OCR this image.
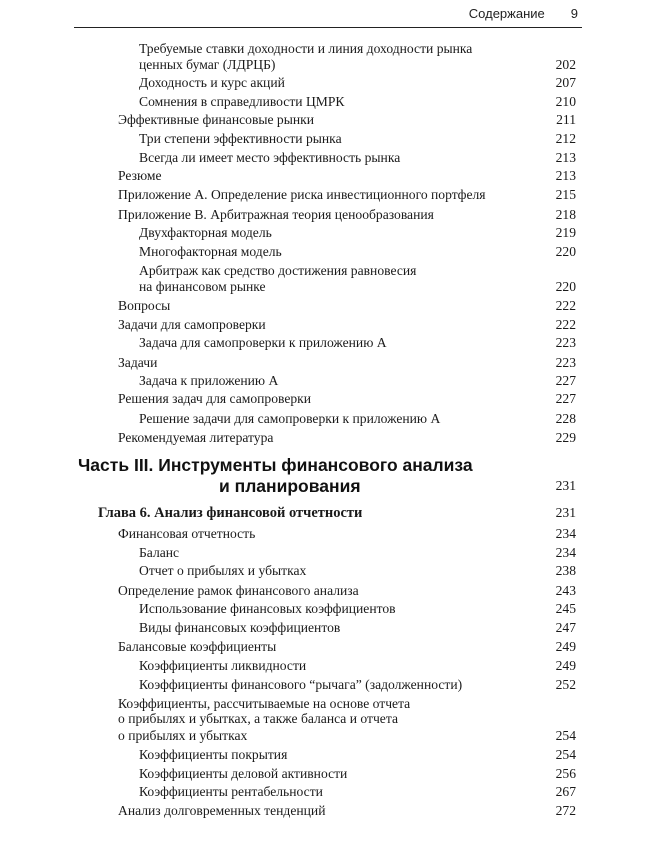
Содержание 9
Требуемые ставки доходности и линия доходности рынка
ценных бумаг (ЛДРЦБ)	202
Доходность и курс акций	207
Сомнения в справедливости ЦМРК	210
Эффективные финансовые рынки	211
Три степени эффективности рынка	212
Всегда ли имеет место эффективность рынка	213
Резюме	213
Приложение А. Определение риска инвестиционного портфеля	215
Приложение В. Арбитражная теория ценообразования	218
Двухфакторная модель	219
Многофакторная модель	220
Арбитраж как средство достижения равновесия
на финансовом рынке	220
Вопросы	222
Задачи для самопроверки	222
Задача для самопроверки к приложению А	223
Задачи	223
Задача к приложению А	227
Решения задач для самопроверки	227
Решение задачи для самопроверки к приложению А	228
Рекомендуемая литература	229
Часть III. Инструменты финансового анализа
и планирования	231
Глава 6. Анализ финансовой отчетности	231
Финансовая отчетность	234
Баланс	234
Отчет о прибылях и убытках	238
Определение рамок финансового анализа	243
Использование финансовых коэффициентов	245
Виды финансовых коэффициентов	247
Балансовые коэффициенты	249
Коэффициенты ликвидности	249
Коэффициенты финансового “рычага” (задолженности)	252
Коэффициенты, рассчитываемые на основе отчета
о прибылях и убытках, а также баланса и отчета
о прибылях и убытках	254
Коэффициенты покрытия	254
Коэффициенты деловой активности	256
Коэффициенты рентабельности	267
Анализ долговременных тенденций	272
